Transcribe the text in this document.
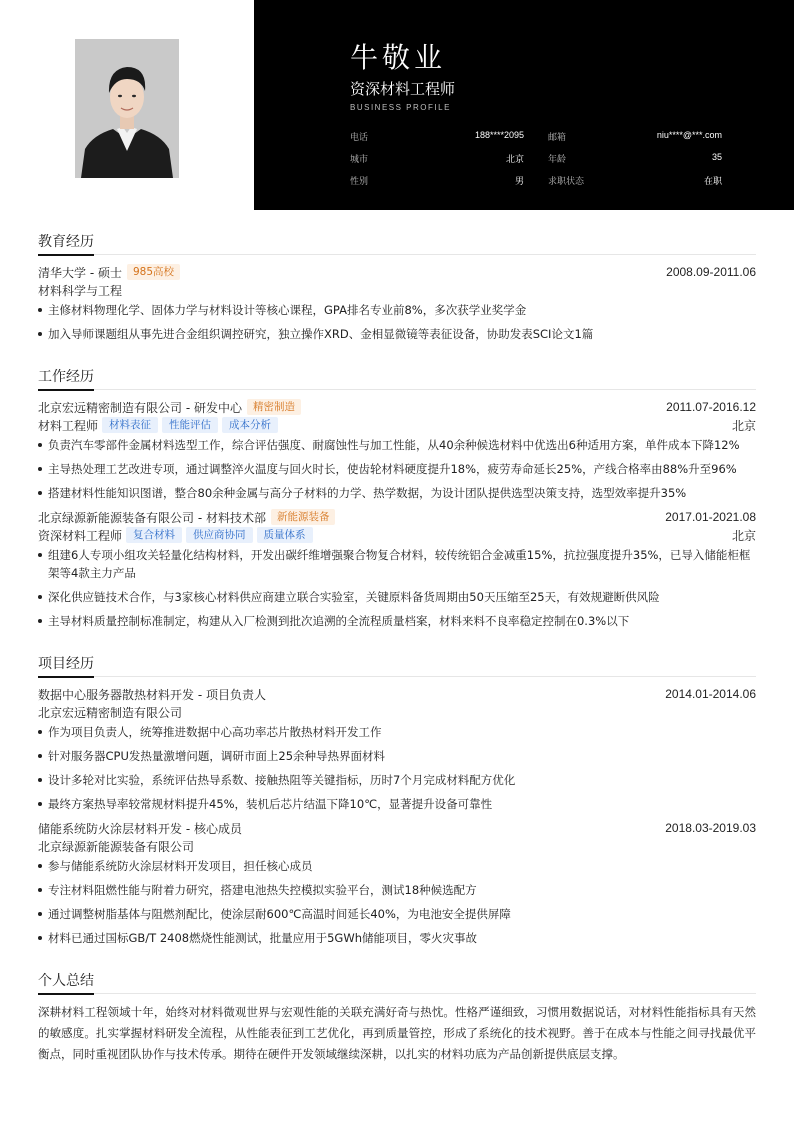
牛敬业
资深材料工程师
BUSINESS PROFILE
电话	188****2095	邮箱	niu****@***.com
城市	北京	年龄	35
性别	男	求职状态	在职
教育经历
清华大学 - 硕士	985高校	2008.09-2011.06
材料科学与工程
主修材料物理化学、固体力学与材料设计等核心课程，GPA排名专业前8%，多次获学业奖学金
加入导师课题组从事先进合金组织调控研究，独立操作XRD、金相显微镜等表征设备，协助发表SCI论文1篇
工作经历
北京宏远精密制造有限公司 - 研发中心	精密制造	2011.07-2016.12
材料工程师	材料表征	性能评估	成本分析	北京
负责汽车零部件金属材料选型工作，综合评估强度、耐腐蚀性与加工性能，从40余种候选材料中优选出6种适用方案，单件成本下降12%
主导热处理工艺改进专项，通过调整淬火温度与回火时长，使齿轮材料硬度提升18%，疲劳寿命延长25%，产线合格率由88%升至96%
搭建材料性能知识图谱，整合80余种金属与高分子材料的力学、热学数据，为设计团队提供选型决策支持，选型效率提升35%
北京绿源新能源装备有限公司 - 材料技术部	新能源装备	2017.01-2021.08
资深材料工程师	复合材料	供应商协同	质量体系	北京
组建6人专项小组攻关轻量化结构材料，开发出碳纤维增强聚合物复合材料，较传统铝合金减重15%，抗拉强度提升35%，已导入储能柜框架等4款主力产品
深化供应链技术合作，与3家核心材料供应商建立联合实验室，关键原料备货周期由50天压缩至25天，有效规避断供风险
主导材料质量控制标准制定，构建从入厂检测到批次追溯的全流程质量档案，材料来料不良率稳定控制在0.3%以下
项目经历
数据中心服务器散热材料开发 - 项目负责人	2014.01-2014.06
北京宏远精密制造有限公司
作为项目负责人，统筹推进数据中心高功率芯片散热材料开发工作
针对服务器CPU发热量激增问题，调研市面上25余种导热界面材料
设计多轮对比实验，系统评估热导系数、接触热阻等关键指标，历时7个月完成材料配方优化
最终方案热导率较常规材料提升45%，装机后芯片结温下降10℃，显著提升设备可靠性
储能系统防火涂层材料开发 - 核心成员	2018.03-2019.03
北京绿源新能源装备有限公司
参与储能系统防火涂层材料开发项目，担任核心成员
专注材料阻燃性能与附着力研究，搭建电池热失控模拟实验平台，测试18种候选配方
通过调整树脂基体与阻燃剂配比，使涂层耐600℃高温时间延长40%，为电池安全提供屏障
材料已通过国标GB/T 2408燃烧性能测试，批量应用于5GWh储能项目，零火灾事故
个人总结
深耕材料工程领域十年，始终对材料微观世界与宏观性能的关联充满好奇与热忱。性格严谨细致，习惯用数据说话，对材料性能指标具有天然的敏感度。扎实掌握材料研发全流程，从性能表征到工艺优化，再到质量管控，形成了系统化的技术视野。善于在成本与性能之间寻找最优平衡点，同时重视团队协作与技术传承。期待在硬件开发领域继续深耕，以扎实的材料功底为产品创新提供底层支撑。
